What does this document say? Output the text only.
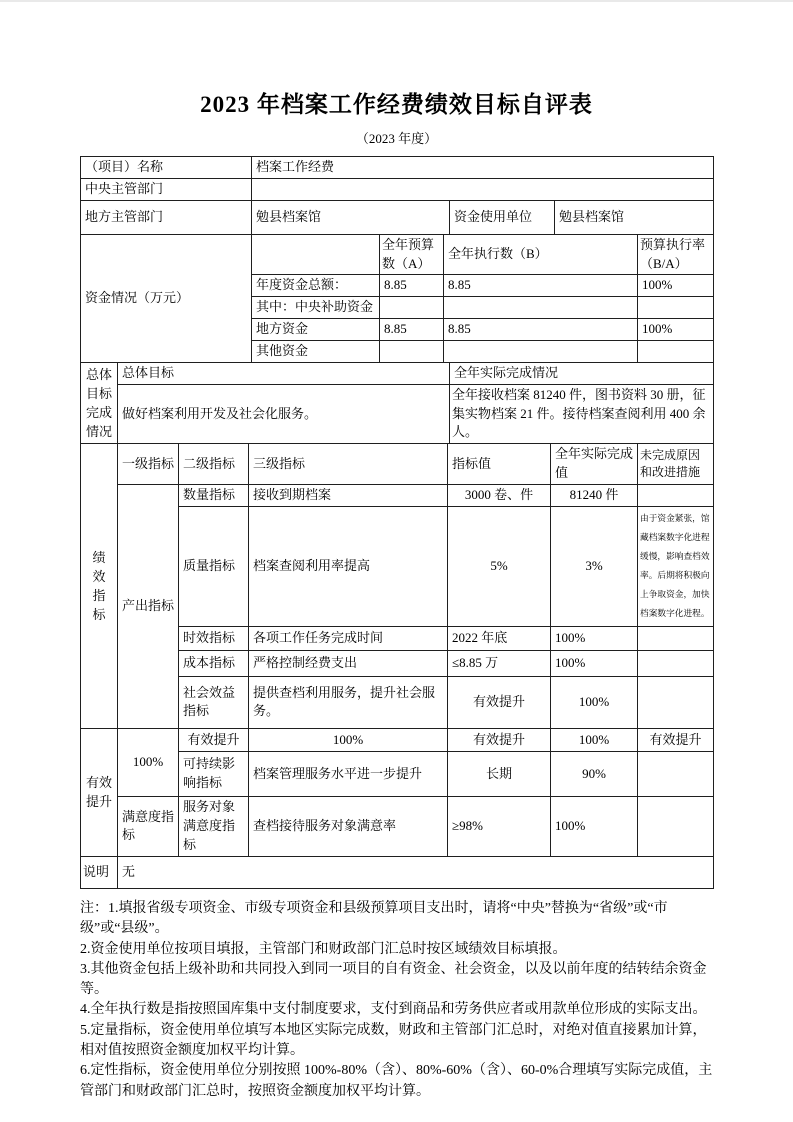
2023 年档案工作经费绩效目标自评表
（2023 年度）
（项目）名称	档案工作经费		
中央主管部门			
地方主管部门	勉县档案馆	资金使用单位	勉县档案馆
资金情况（万元）		全年预算数（A）	全年执行数（B）	预算执行率（B/A）
	年度资金总额：	8.85	8.85	100%
	其中：中央补助资金			
	地方资金	8.85	8.85	100%
	其他资金			
总体目标完成情况	总体目标	全年实际完成情况
	做好档案利用开发及社会化服务。	全年接收档案 81240 件，图书资料 30 册，征集实物档案 21 件。接待档案查阅利用 400 余人。
绩效指标	一级指标	二级指标	三级指标	指标值	全年实际完成值	未完成原因和改进措施
	产出指标	数量指标	接收到期档案	3000 卷、件	81240 件	
		质量指标	档案查阅利用率提高	5%	3%	由于资金紧张，馆藏档案数字化进程缓慢，影响查档效率。后期将积极向上争取资金，加快档案数字化进程。
		时效指标	各项工作任务完成时间	2022 年底	100%	
		成本指标	严格控制经费支出	≤8.85 万	100%	
		社会效益指标	提供查档利用服务，提升社会服务。	有效提升	100%	
有效提升	100%	有效提升	100%	有效提升	100%	有效提升
		可持续影响指标	档案管理服务水平进一步提升	长期	90%	
	满意度指标	服务对象满意度指标	查档接待服务对象满意率	≥98%	100%	
说明	无					

注：1.填报省级专项资金、市级专项资金和县级预算项目支出时，请将“中央”替换为“省级”或“市级”或“县级”。

2.资金使用单位按项目填报，主管部门和财政部门汇总时按区域绩效目标填报。

3.其他资金包括上级补助和共同投入到同一项目的自有资金、社会资金，以及以前年度的结转结余资金等。

4.全年执行数是指按照国库集中支付制度要求，支付到商品和劳务供应者或用款单位形成的实际支出。

5.定量指标，资金使用单位填写本地区实际完成数，财政和主管部门汇总时，对绝对值直接累加计算，相对值按照资金额度加权平均计算。

6.定性指标，资金使用单位分别按照 100%-80%（含）、80%-60%（含）、60-0%合理填写实际完成值，主管部门和财政部门汇总时，按照资金额度加权平均计算。
